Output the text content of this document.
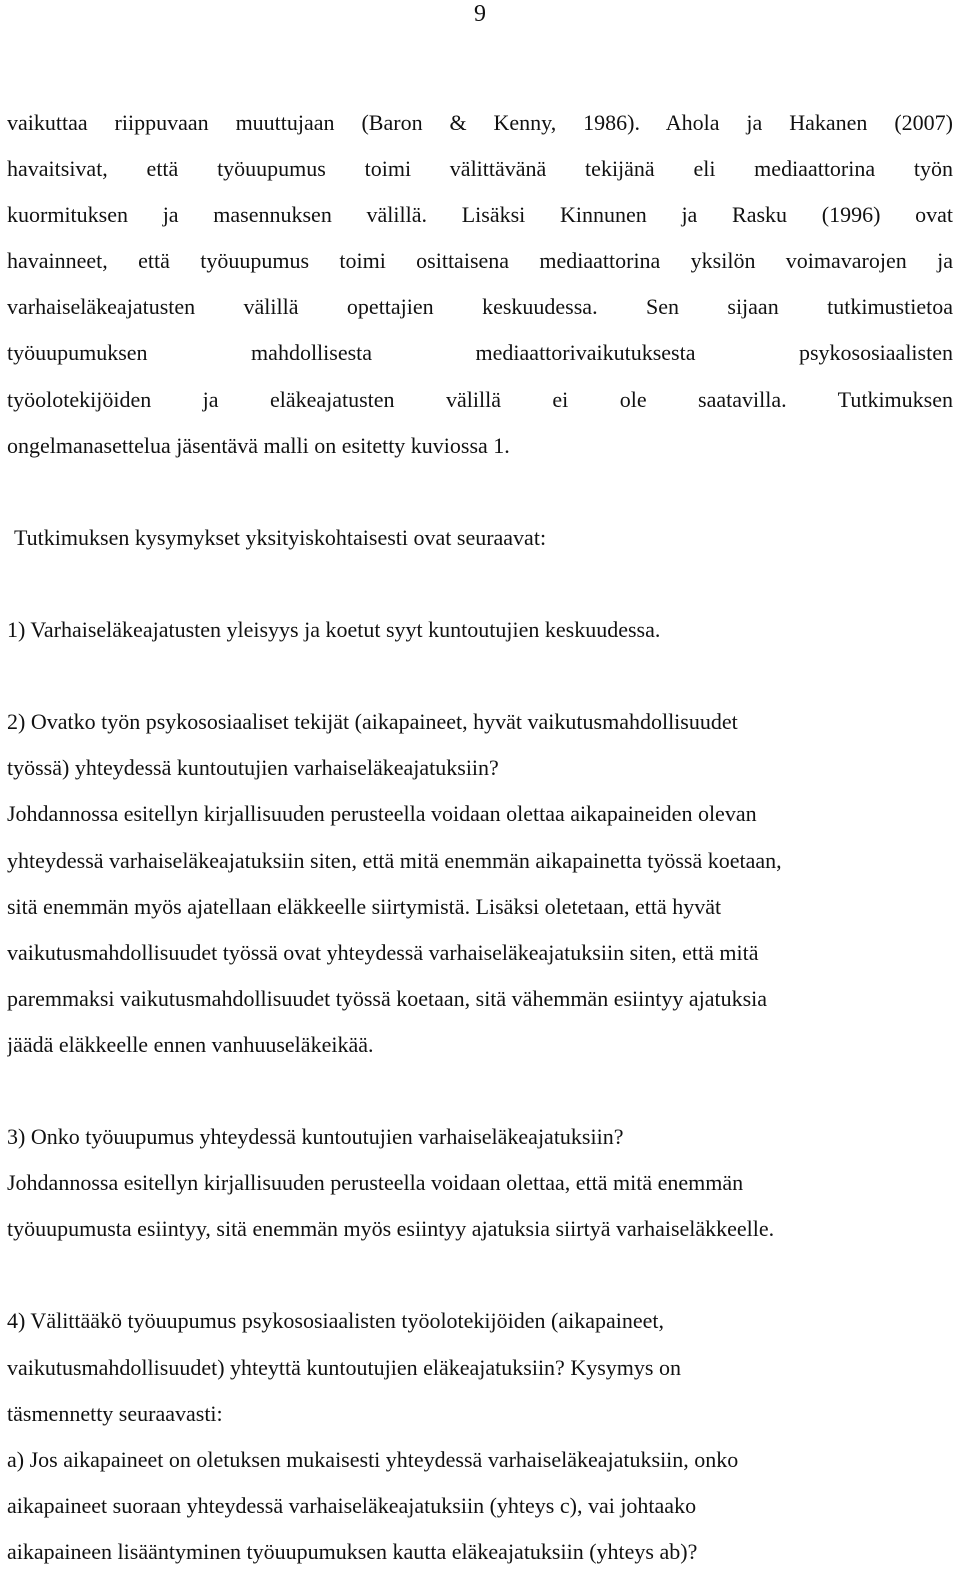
9
vaikuttaa riippuvaan muuttujaan (Baron & Kenny, 1986). Ahola ja Hakanen (2007)
havaitsivat, että työuupumus toimi välittävänä tekijänä eli mediaattorina työn
kuormituksen ja masennuksen välillä. Lisäksi Kinnunen ja Rasku (1996) ovat
havainneet, että työuupumus toimi osittaisena mediaattorina yksilön voimavarojen ja
varhaiseläkeajatusten välillä opettajien keskuudessa. Sen sijaan tutkimustietoa
työuupumuksen mahdollisesta mediaattorivaikutuksesta psykososiaalisten
työolotekijöiden ja eläkeajatusten välillä ei ole saatavilla. Tutkimuksen
ongelmanasettelua jäsentävä malli on esitetty kuviossa 1.
Tutkimuksen kysymykset yksityiskohtaisesti ovat seuraavat:
1) Varhaiseläkeajatusten yleisyys ja koetut syyt kuntoutujien keskuudessa.
2) Ovatko työn psykososiaaliset tekijät (aikapaineet, hyvät vaikutusmahdollisuudet
työssä) yhteydessä kuntoutujien varhaiseläkeajatuksiin?
Johdannossa esitellyn kirjallisuuden perusteella voidaan olettaa aikapaineiden olevan
yhteydessä varhaiseläkeajatuksiin siten, että mitä enemmän aikapainetta työssä koetaan,
sitä enemmän myös ajatellaan eläkkeelle siirtymistä. Lisäksi oletetaan, että hyvät
vaikutusmahdollisuudet työssä ovat yhteydessä varhaiseläkeajatuksiin siten, että mitä
paremmaksi vaikutusmahdollisuudet työssä koetaan, sitä vähemmän esiintyy ajatuksia
jäädä eläkkeelle ennen vanhuuseläkeikää.
3) Onko työuupumus yhteydessä kuntoutujien varhaiseläkeajatuksiin?
Johdannossa esitellyn kirjallisuuden perusteella voidaan olettaa, että mitä enemmän
työuupumusta esiintyy, sitä enemmän myös esiintyy ajatuksia siirtyä varhaiseläkkeelle.
4) Välittääkö työuupumus psykososiaalisten työolotekijöiden (aikapaineet,
vaikutusmahdollisuudet) yhteyttä kuntoutujien eläkeajatuksiin? Kysymys on
täsmennetty seuraavasti:
a) Jos aikapaineet on oletuksen mukaisesti yhteydessä varhaiseläkeajatuksiin, onko
aikapaineet suoraan yhteydessä varhaiseläkeajatuksiin (yhteys c), vai johtaako
aikapaineen lisääntyminen työuupumuksen kautta eläkeajatuksiin (yhteys ab)?
